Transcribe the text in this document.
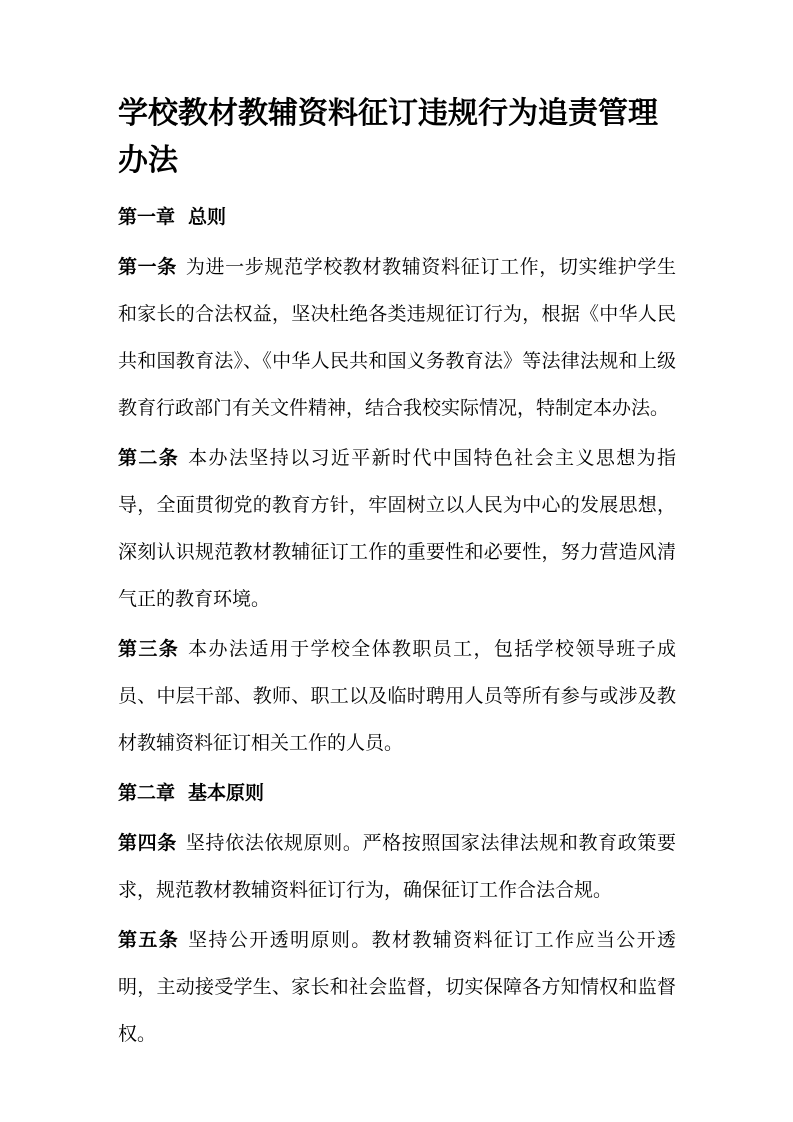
学校教材教辅资料征订违规行为追责管理办法
第一章 总则

第一条 为进一步规范学校教材教辅资料征订工作，切实维护学生和家长的合法权益，坚决杜绝各类违规征订行为，根据《中华人民共和国教育法》、《中华人民共和国义务教育法》等法律法规和上级教育行政部门有关文件精神，结合我校实际情况，特制定本办法。

第二条 本办法坚持以习近平新时代中国特色社会主义思想为指导，全面贯彻党的教育方针，牢固树立以人民为中心的发展思想，深刻认识规范教材教辅征订工作的重要性和必要性，努力营造风清气正的教育环境。

第三条 本办法适用于学校全体教职员工，包括学校领导班子成员、中层干部、教师、职工以及临时聘用人员等所有参与或涉及教材教辅资料征订相关工作的人员。

第二章 基本原则

第四条 坚持依法依规原则。严格按照国家法律法规和教育政策要求，规范教材教辅资料征订行为，确保征订工作合法合规。

第五条 坚持公开透明原则。教材教辅资料征订工作应当公开透明，主动接受学生、家长和社会监督，切实保障各方知情权和监督权。
